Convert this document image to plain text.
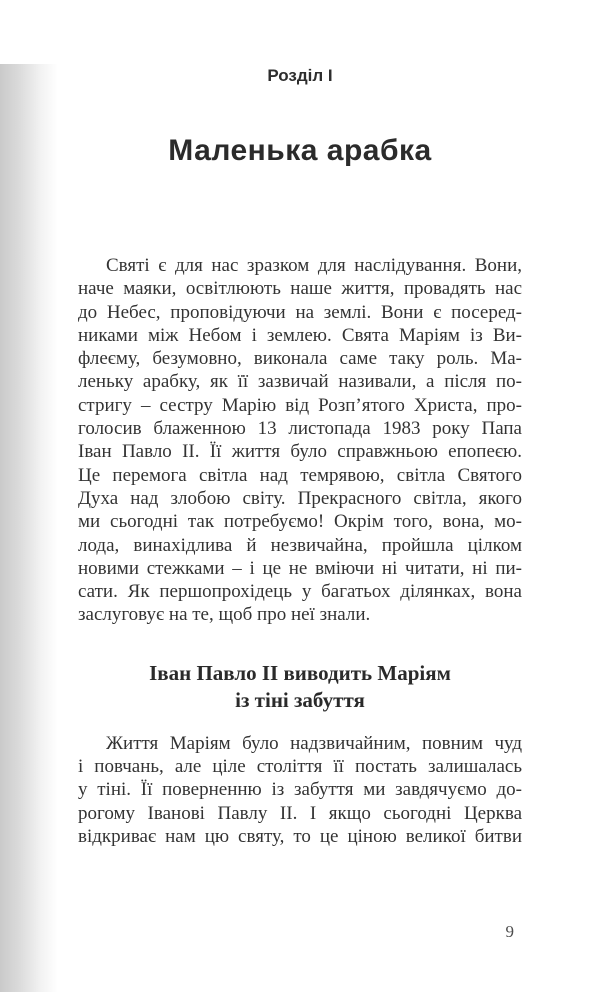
Розділ I
Маленька арабка
Святі є для нас зразком для наслідування. Вони,
наче маяки, освітлюють наше життя, провадять нас
до Небес, проповідуючи на землі. Вони є посеред-
никами між Небом і землею. Свята Маріям із Ви-
флеєму, безумовно, виконала саме таку роль. Ма-
леньку арабку, як її зазвичай називали, а після по-
стригу – сестру Марію від Розп’ятого Христа, про-
голосив блаженною 13 листопада 1983 року Папа
Іван Павло II. Її життя було справжньою епопеєю.
Це перемога світла над темрявою, світла Святого
Духа над злобою світу. Прекрасного світла, якого
ми сьогодні так потребуємо! Окрім того, вона, мо-
лода, винахідлива й незвичайна, пройшла цілком
новими стежками – і це не вміючи ні читати, ні пи-
сати. Як першопрохідець у багатьох ділянках, вона
заслуговує на те, щоб про неї знали.
Іван Павло II виводить Маріям
із тіні забуття
Життя Маріям було надзвичайним, повним чуд
і повчань, але ціле століття її постать залишалась
у тіні. Її поверненню із забуття ми завдячуємо до-
рогому Іванові Павлу II. І якщо сьогодні Церква
відкриває нам цю святу, то це ціною великої битви
9
